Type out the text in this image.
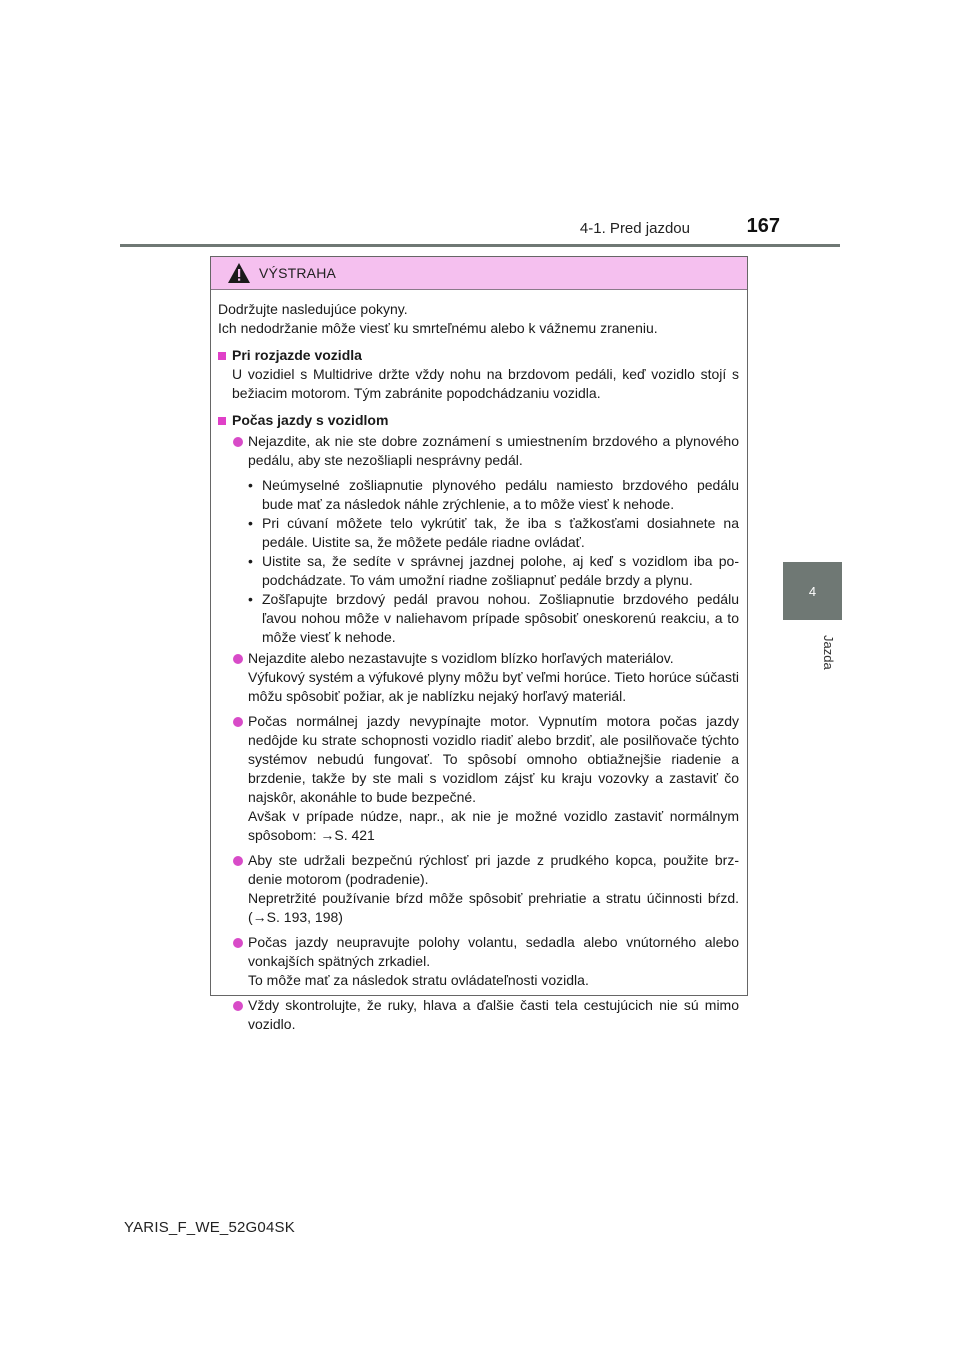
4-1. Pred jazdou	167
4
Jazda
VÝSTRAHA

Dodržujte nasledujúce pokyny.

Ich nedodržanie môže viesť ku smrteľnému alebo k vážnemu zraneniu.

Pri rozjazde vozidla
U vozidiel s Multidrive držte vždy nohu na brzdovom pedáli, keď vozidlo stojí s bežiacim motorom. Tým zabránite popodchádzaniu vozidla.
Počas jazdy s vozidlom

Nejazdite, ak nie ste dobre zoznámení s umiestnením brzdového a plynového pedálu, aby ste nezošliapli nesprávny pedál.

• Neúmyselné zošliapnutie plynového pedálu namiesto brzdového pedálu bude mať za následok náhle zrýchlenie, a to môže viesť k nehode.
• Pri cúvaní môžete telo vykrútiť tak, že iba s ťažkosťami dosiahnete na pedále. Uistite sa, že môžete pedále riadne ovládať.
• Uistite sa, že sedíte v správnej jazdnej polohe, aj keď s vozidlom iba popodchádzate. To vám umožní riadne zošliapnuť pedále brzdy a plynu.
• Zošľapujte brzdový pedál pravou nohou. Zošliapnutie brzdového pedálu ľavou nohou môže v naliehavom prípade spôsobiť oneskorenú reakciu, a to môže viesť k nehode.

Nejazdite alebo nezastavujte s vozidlom blízko horľavých materiálov.

Výfukový systém a výfukové plyny môžu byť veľmi horúce. Tieto horúce súčasti môžu spôsobiť požiar, ak je nablízku nejaký horľavý materiál.

Počas normálnej jazdy nevypínajte motor. Vypnutím motora počas jazdy nedôjde ku strate schopnosti vozidlo riadiť alebo brzdiť, ale posilňovače týchto systémov nebudú fungovať. To spôsobí omnoho obtiažnejšie riadenie a brzdenie, takže by ste mali s vozidlom zájsť ku kraju vozovky a zastaviť čo najskôr, akonáhle to bude bezpečné.

Avšak v prípade núdze, napr., ak nie je možné vozidlo zastaviť normálnym spôsobom: →S. 421

Aby ste udržali bezpečnú rýchlosť pri jazde z prudkého kopca, použite brzdenie motorom (podradenie).

Nepretržité používanie bŕzd môže spôsobiť prehriatie a stratu účinnosti bŕzd. (→S. 193, 198)

Počas jazdy neupravujte polohy volantu, sedadla alebo vnútorného alebo vonkajších spätných zrkadiel.

To môže mať za následok stratu ovládateľnosti vozidla.

Vždy skontrolujte, že ruky, hlava a ďalšie časti tela cestujúcich nie sú mimo vozidlo.

YARIS_F_WE_52G04SK
